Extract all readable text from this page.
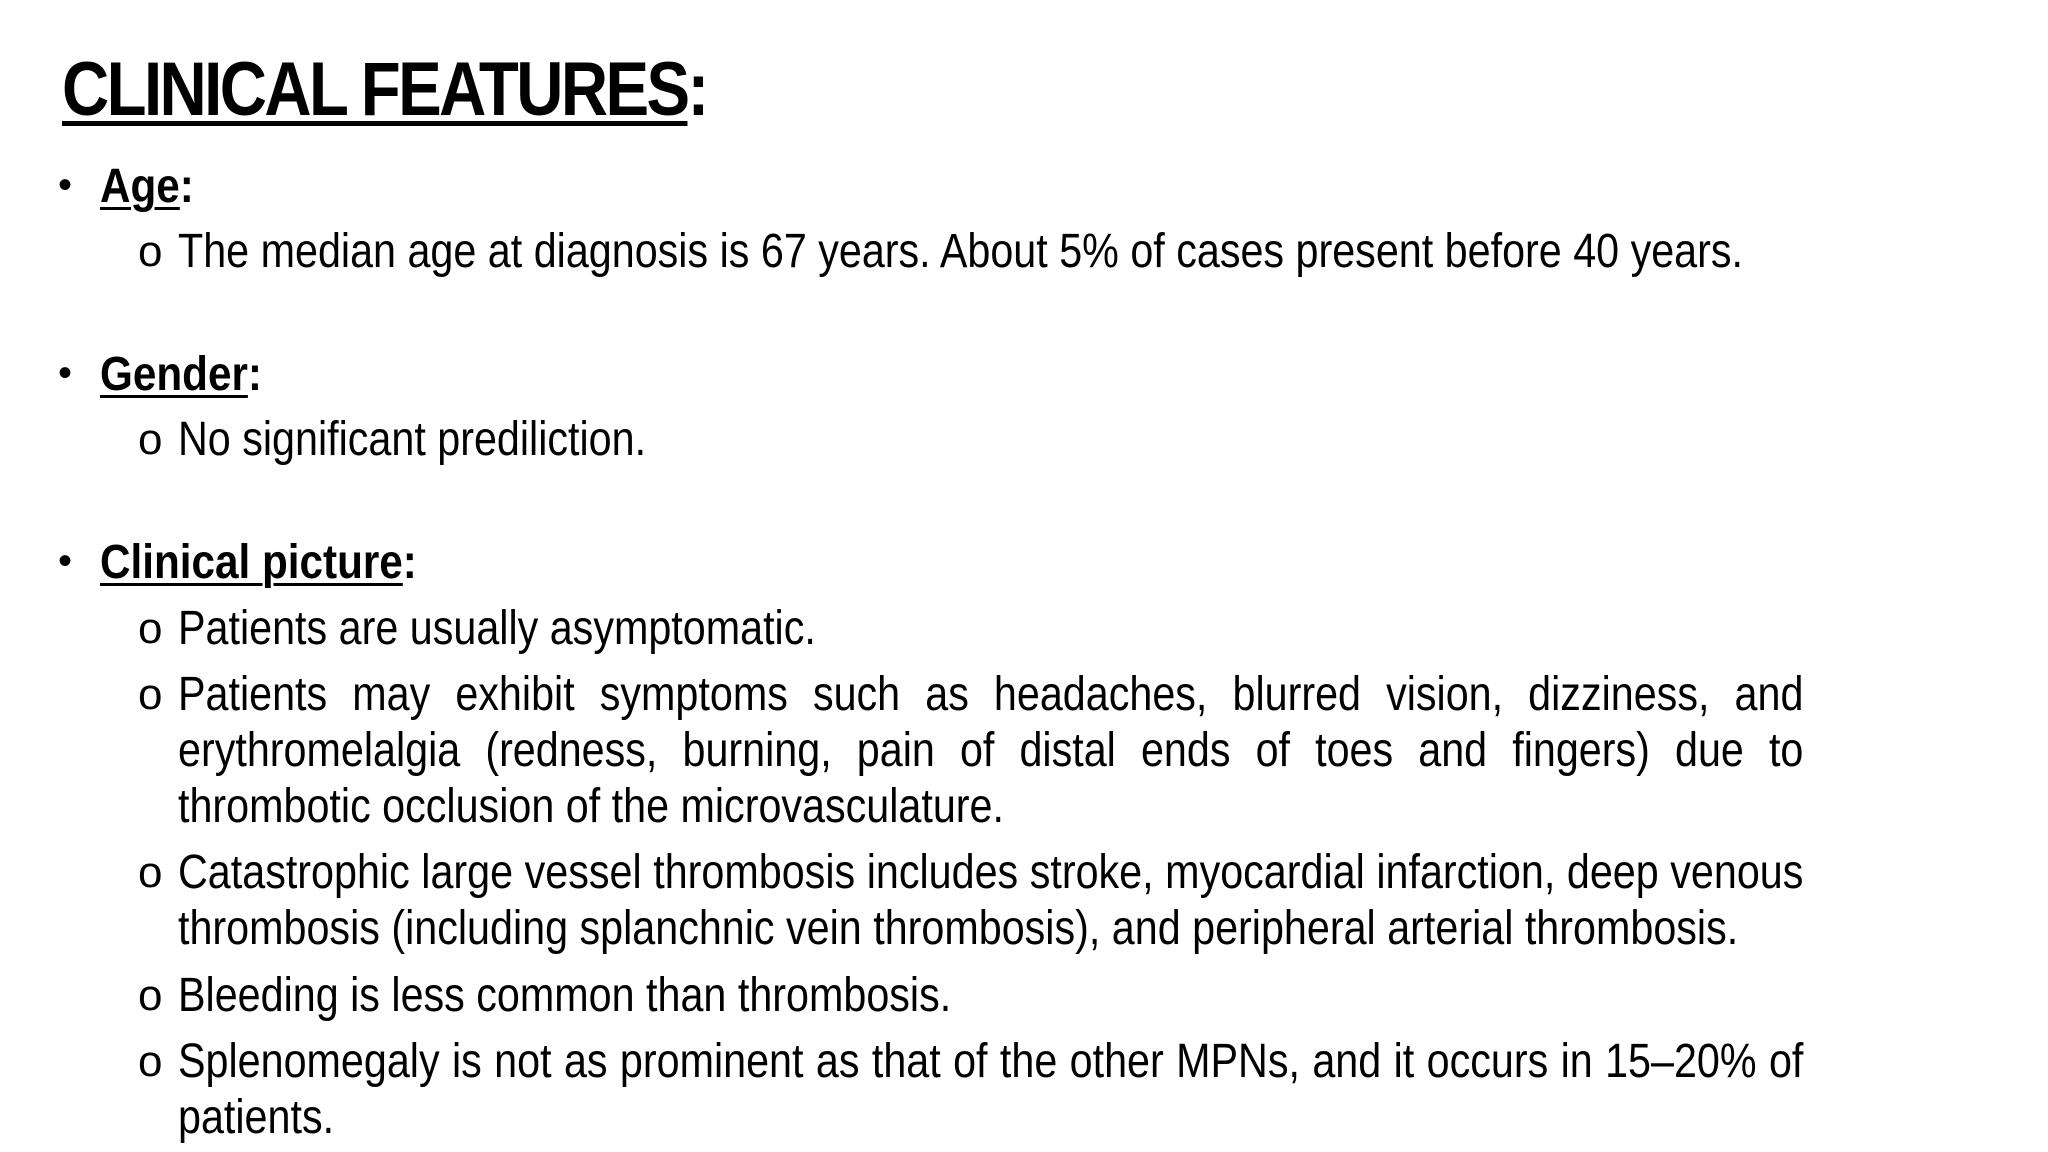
CLINICAL FEATURES:
• Age:
o The median age at diagnosis is 67 years. About 5% of cases present before 40 years.
• Gender:
o No significant prediliction.
• Clinical picture:
o Patients are usually asymptomatic.
o Patients may exhibit symptoms such as headaches, blurred vision, dizziness, and erythromelalgia (redness, burning, pain of distal ends of toes and fingers) due to thrombotic occlusion of the microvasculature.
o Catastrophic large vessel thrombosis includes stroke, myocardial infarction, deep venous thrombosis (including splanchnic vein thrombosis), and peripheral arterial thrombosis.
o Bleeding is less common than thrombosis.
o Splenomegaly is not as prominent as that of the other MPNs, and it occurs in 15–20% of patients.
